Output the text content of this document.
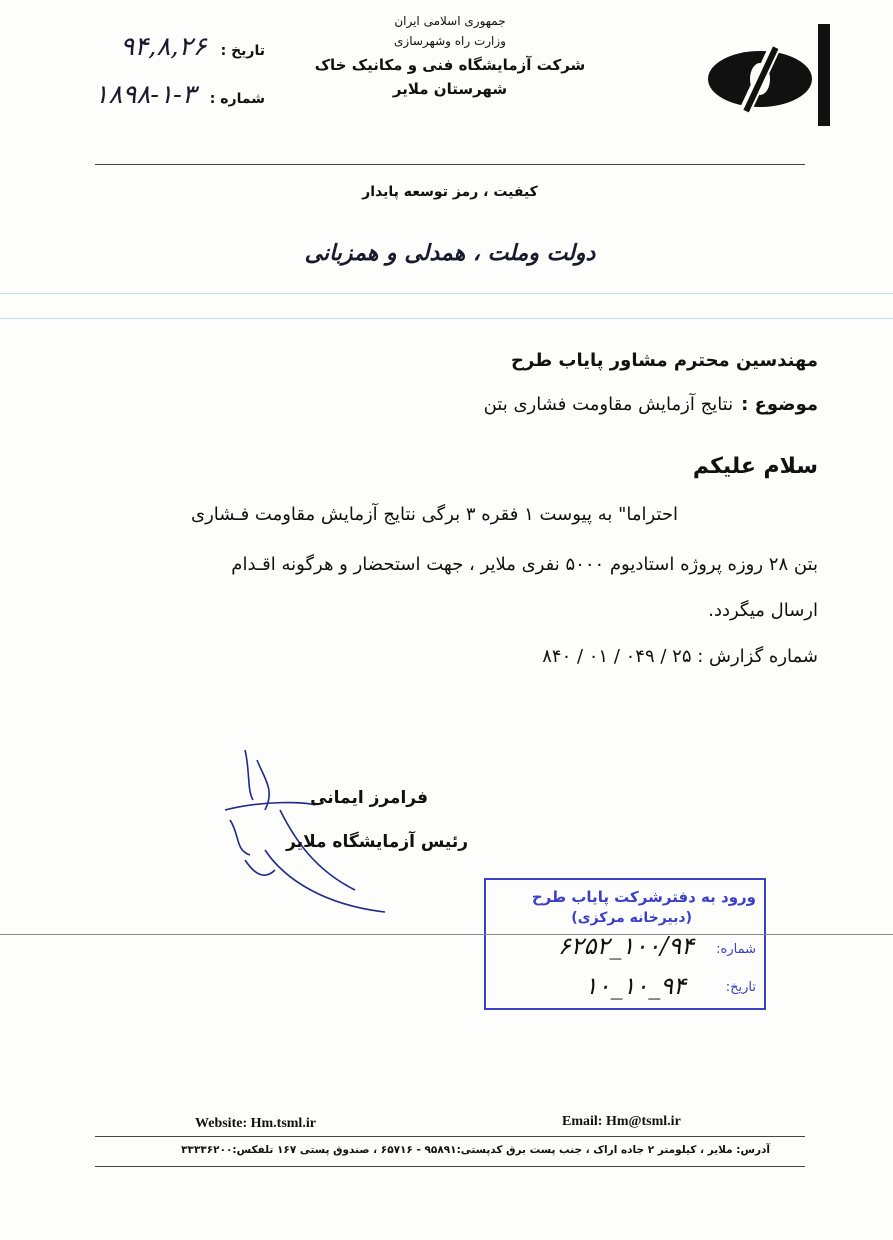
جمهوری اسلامی ایران
وزارت راه وشهرسازی
شرکت آزمایشگاه فنی و مکانیک خاک
شهرستان ملایر
تاریخ :
۹۴,۸,۲۶
شماره :
۱۸۹۸-۱-۳
کیفیت ، رمز توسعه پایدار
دولت وملت ، همدلی و همزبانی
مهندسین محترم مشاور پایاب طرح
موضوع :
نتایج آزمایش مقاومت فشاری بتن
سلام علیکم
احتراما" به پیوست ۱ فقره ۳ برگی نتایج آزمایش مقاومت فـشاری
بتن ۲۸ روزه پروژه استادیوم ۵۰۰۰ نفری ملایر ، جهت استحضار و هرگونه اقـدام
ارسال میگردد.
شماره گزارش : ۲۵ / ۰۴۹ / ۰۱ / ۸۴۰
فرامرز ایمانی
رئیس آزمایشگاه ملایر
ورود به دفترشرکت پایاب طرح
(دبیرخانه مرکزی)
شماره:
۱۰۰/۹۴_۶۲۵۲
تاریخ:
۹۴_۱۰_۱۰
Website: Hm.tsml.ir	Email: Hm@tsml.ir
آدرس: ملایر ، کیلومتر ۲ جاده اراک ، جنب پست برق کدپستی:۹۵۸۹۱ - ۶۵۷۱۶ ، صندوق پستی ۱۶۷ تلفکس:۳۳۳۳۶۲۰۰
